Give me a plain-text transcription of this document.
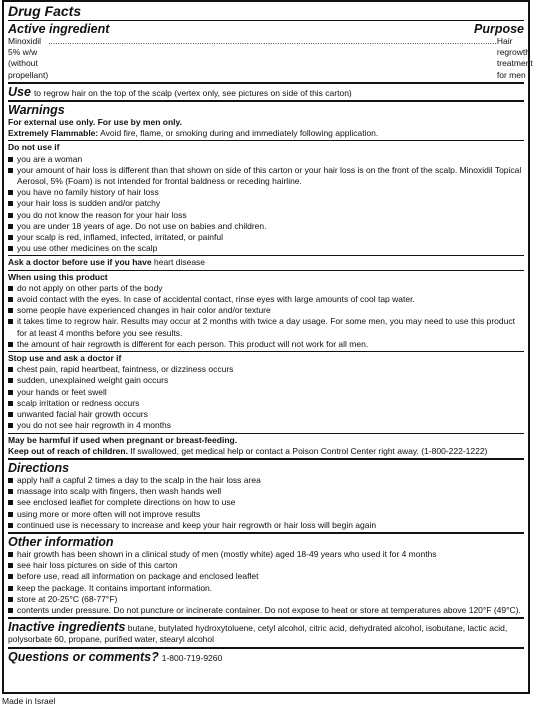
Drug Facts
Active ingredient	Purpose
Minoxidil 5% w/w (without propellant)
.............................................................................................................................................................................................. Hair regrowth treatment for men
Use to regrow hair on the top of the scalp (vertex only, see pictures on side of this carton)
Warnings
For external use only. For use by men only.
Extremely Flammable: Avoid fire, flame, or smoking during and immediately following application.
Do not use if
you are a woman
your amount of hair loss is different than that shown on side of this carton or your hair loss is on the front of the scalp. Minoxidil Topical Aerosol, 5% (Foam) is not intended for frontal baldness or receding hairline.
you have no family history of hair loss
your hair loss is sudden and/or patchy
you do not know the reason for your hair loss
you are under 18 years of age. Do not use on babies and children.
your scalp is red, inflamed, infected, irritated, or painful
you use other medicines on the scalp
Ask a doctor before use if you have heart disease
When using this product
do not apply on other parts of the body
avoid contact with the eyes. In case of accidental contact, rinse eyes with large amounts of cool tap water.
some people have experienced changes in hair color and/or texture
it takes time to regrow hair. Results may occur at 2 months with twice a day usage. For some men, you may need to use this product for at least 4 months before you see results.
the amount of hair regrowth is different for each person. This product will not work for all men.
Stop use and ask a doctor if
chest pain, rapid heartbeat, faintness, or dizziness occurs
sudden, unexplained weight gain occurs
your hands or feet swell
scalp irritation or redness occurs
unwanted facial hair growth occurs
you do not see hair regrowth in 4 months
May be harmful if used when pregnant or breast-feeding.
Keep out of reach of children. If swallowed, get medical help or contact a Poison Control Center right away. (1-800-222-1222)
Directions
apply half a capful 2 times a day to the scalp in the hair loss area
massage into scalp with fingers, then wash hands well
see enclosed leaflet for complete directions on how to use
using more or more often will not improve results
continued use is necessary to increase and keep your hair regrowth or hair loss will begin again
Other information
hair growth has been shown in a clinical study of men (mostly white) aged 18-49 years who used it for 4 months
see hair loss pictures on side of this carton
before use, read all information on package and enclosed leaflet
keep the package. It contains important information.
store at 20-25°C (68-77°F)
contents under pressure. Do not puncture or incinerate container. Do not expose to heat or store at temperatures above 120°F (49°C).
Inactive ingredients butane, butylated hydroxytoluene, cetyl alcohol, citric acid, dehydrated alcohol, isobutane, lactic acid, polysorbate 60, propane, purified water, stearyl alcohol
Questions or comments? 1-800-719-9260
Made in Israel
